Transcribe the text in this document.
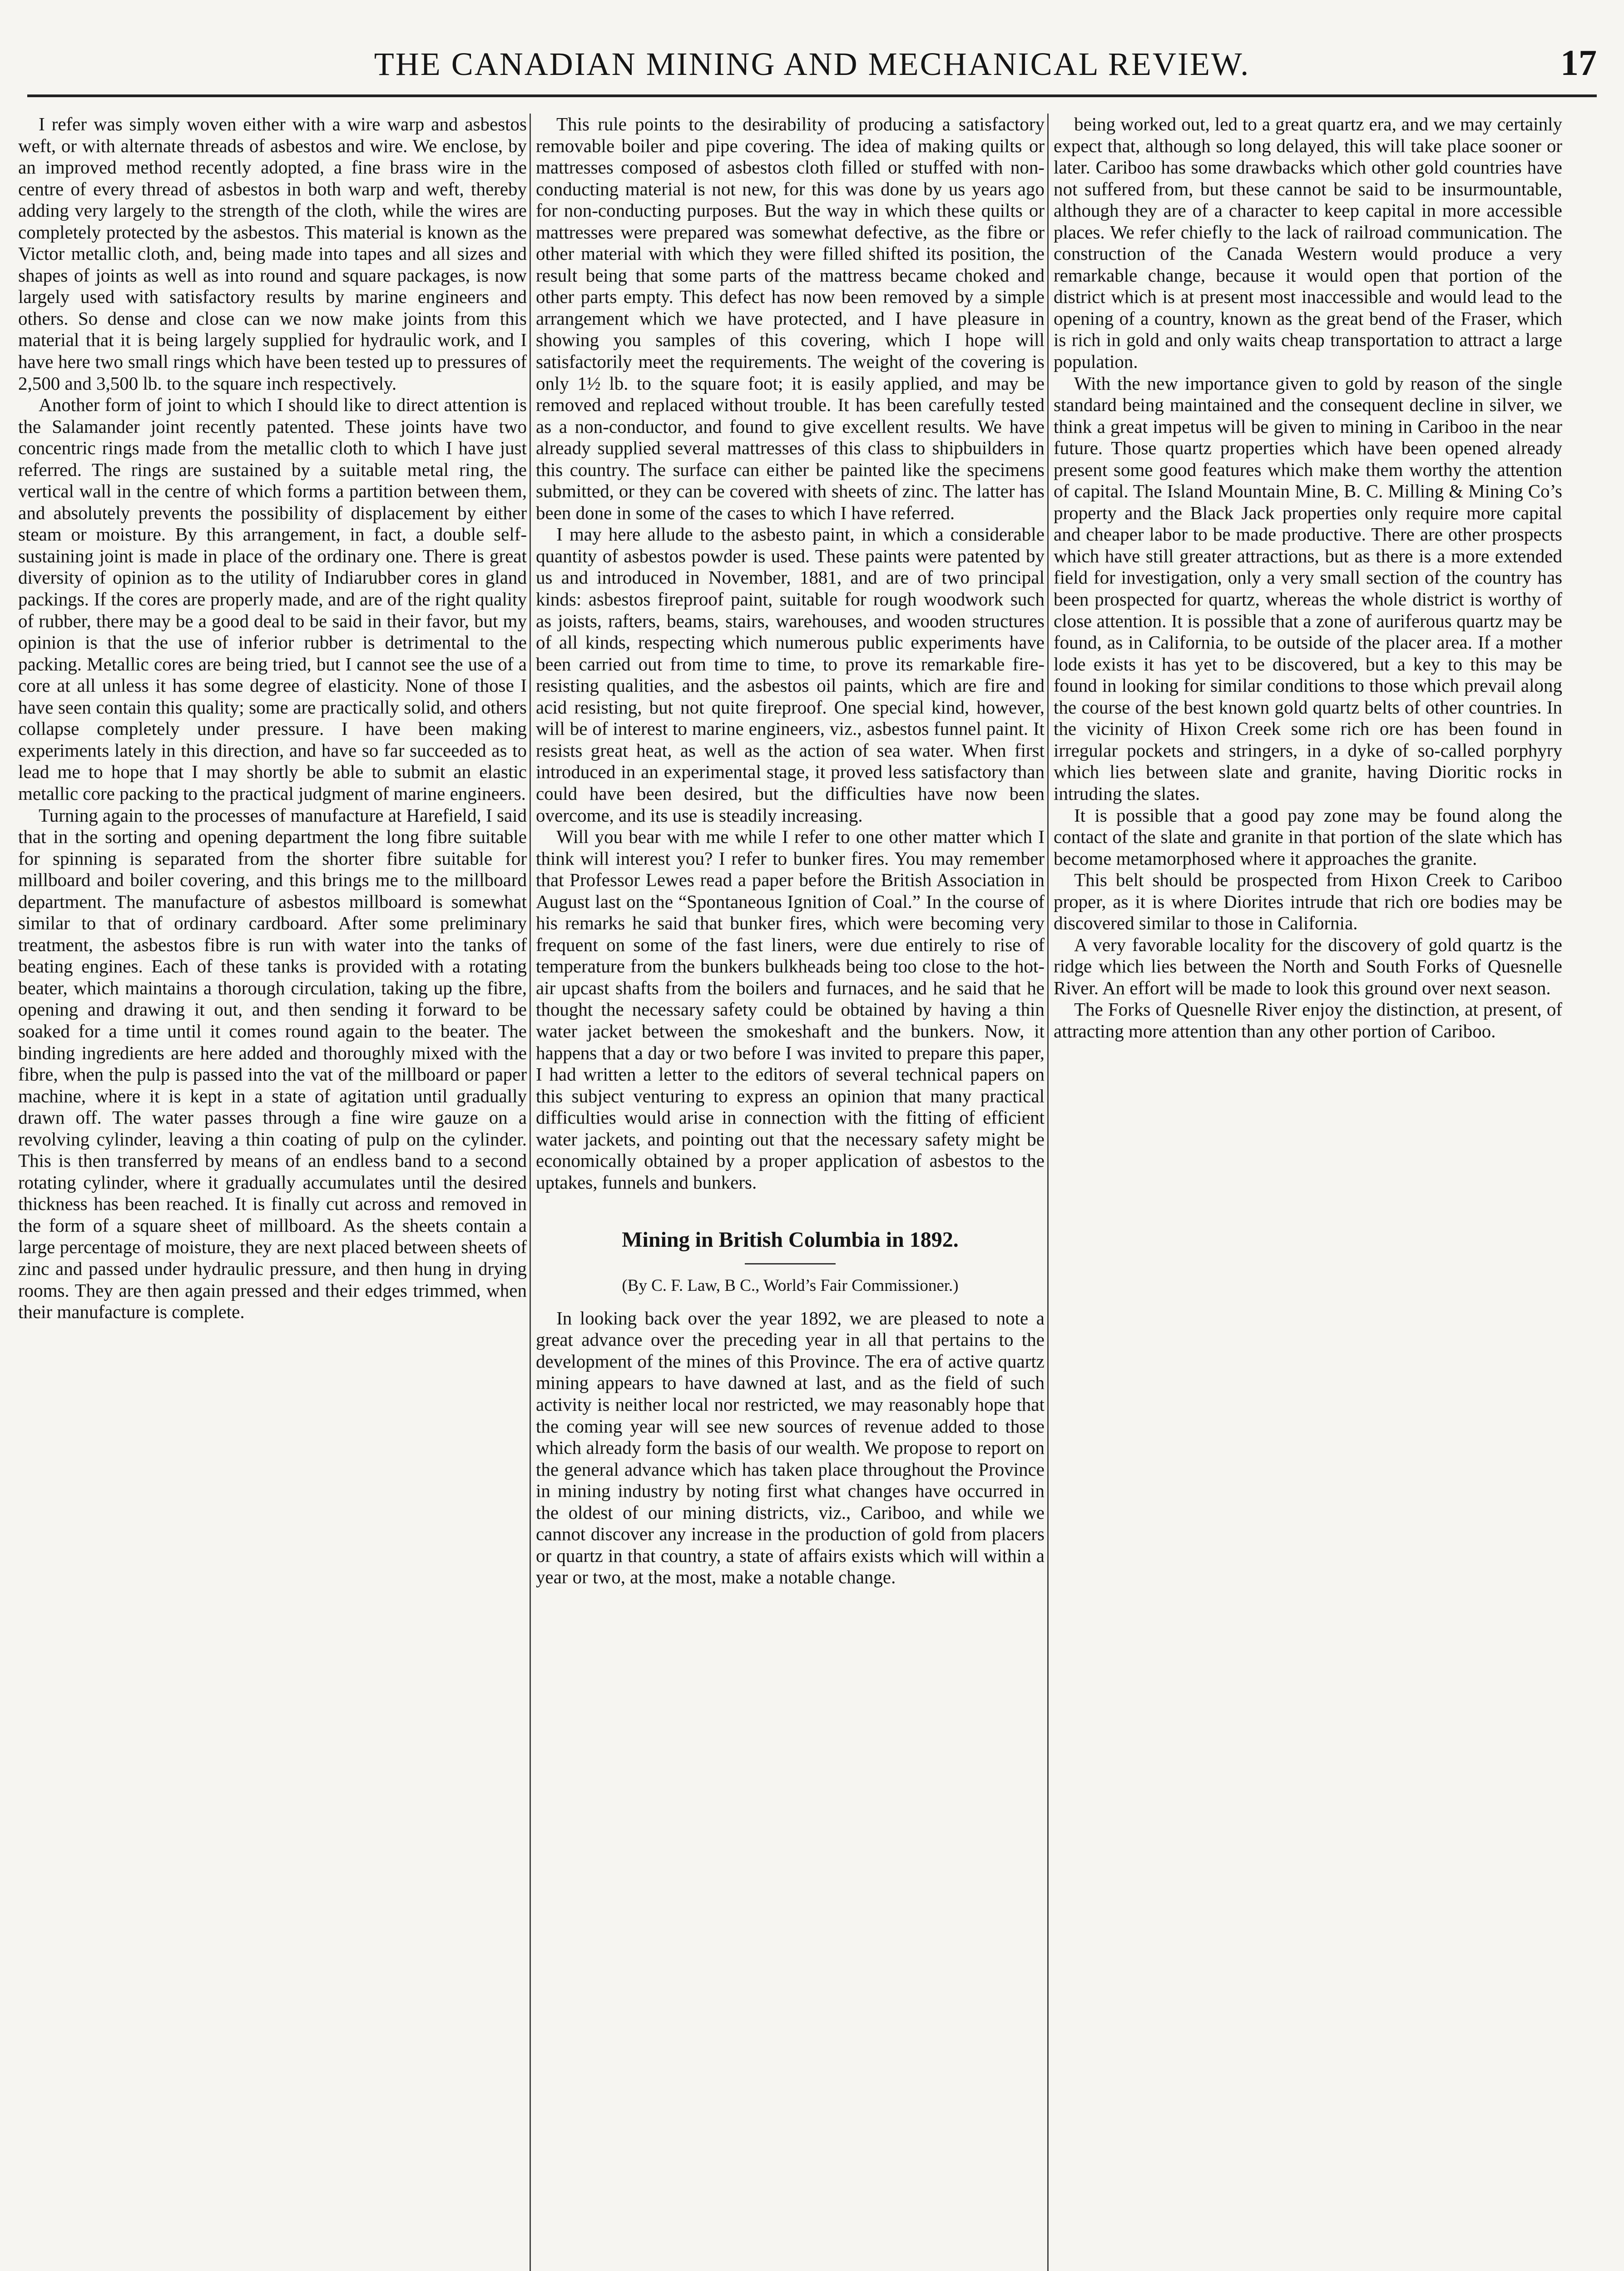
THE CANADIAN MINING AND MECHANICAL REVIEW.	17

I refer was simply woven either with a wire warp and asbestos weft, or with alternate threads of asbestos and wire. We enclose, by an improved method recently adopted, a fine brass wire in the centre of every thread of asbestos in both warp and weft, thereby adding very largely to the strength of the cloth, while the wires are completely protected by the asbestos. This material is known as the Victor metallic cloth, and, being made into tapes and all sizes and shapes of joints as well as into round and square packages, is now largely used with satisfactory results by marine engineers and others. So dense and close can we now make joints from this material that it is being largely supplied for hydraulic work, and I have here two small rings which have been tested up to pressures of 2,500 and 3,500 lb. to the square inch respectively.

Another form of joint to which I should like to direct attention is the Salamander joint recently patented. These joints have two concentric rings made from the metallic cloth to which I have just referred. The rings are sustained by a suitable metal ring, the vertical wall in the centre of which forms a partition between them, and absolutely prevents the possibility of displacement by either steam or moisture. By this arrangement, in fact, a double self-sustaining joint is made in place of the ordinary one. There is great diversity of opinion as to the utility of Indiarubber cores in gland packings. If the cores are properly made, and are of the right quality of rubber, there may be a good deal to be said in their favor, but my opinion is that the use of inferior rubber is detrimental to the packing. Metallic cores are being tried, but I cannot see the use of a core at all unless it has some degree of elasticity. None of those I have seen contain this quality; some are practically solid, and others collapse completely under pressure. I have been making experiments lately in this direction, and have so far succeeded as to lead me to hope that I may shortly be able to submit an elastic metallic core packing to the practical judgment of marine engineers.

Turning again to the processes of manufacture at Harefield, I said that in the sorting and opening department the long fibre suitable for spinning is separated from the shorter fibre suitable for millboard and boiler covering, and this brings me to the millboard department. The manufacture of asbestos millboard is somewhat similar to that of ordinary cardboard. After some preliminary treatment, the asbestos fibre is run with water into the tanks of beating engines. Each of these tanks is provided with a rotating beater, which maintains a thorough circulation, taking up the fibre, opening and drawing it out, and then sending it forward to be soaked for a time until it comes round again to the beater. The binding ingredients are here added and thoroughly mixed with the fibre, when the pulp is passed into the vat of the millboard or paper machine, where it is kept in a state of agitation until gradually drawn off. The water passes through a fine wire gauze on a revolving cylinder, leaving a thin coating of pulp on the cylinder. This is then transferred by means of an endless band to a second rotating cylinder, where it gradually accumulates until the desired thickness has been reached. It is finally cut across and removed in the form of a square sheet of millboard. As the sheets contain a large percentage of moisture, they are next placed between sheets of zinc and passed under hydraulic pressure, and then hung in drying rooms. They are then again pressed and their edges trimmed, when their manufacture is complete.

This rule points to the desirability of producing a satisfactory removable boiler and pipe covering. The idea of making quilts or mattresses composed of asbestos cloth filled or stuffed with non-conducting material is not new, for this was done by us years ago for non-conducting purposes. But the way in which these quilts or mattresses were prepared was somewhat defective, as the fibre or other material with which they were filled shifted its position, the result being that some parts of the mattress became choked and other parts empty. This defect has now been removed by a simple arrangement which we have protected, and I have pleasure in showing you samples of this covering, which I hope will satisfactorily meet the requirements. The weight of the covering is only 1½ lb. to the square foot; it is easily applied, and may be removed and replaced without trouble. It has been carefully tested as a non-conductor, and found to give excellent results. We have already supplied several mattresses of this class to shipbuilders in this country. The surface can either be painted like the specimens submitted, or they can be covered with sheets of zinc. The latter has been done in some of the cases to which I have referred.

I may here allude to the asbesto paint, in which a considerable quantity of asbestos powder is used. These paints were patented by us and introduced in November, 1881, and are of two principal kinds: asbestos fireproof paint, suitable for rough woodwork such as joists, rafters, beams, stairs, warehouses, and wooden structures of all kinds, respecting which numerous public experiments have been carried out from time to time, to prove its remarkable fire-resisting qualities, and the asbestos oil paints, which are fire and acid resisting, but not quite fireproof. One special kind, however, will be of interest to marine engineers, viz., asbestos funnel paint. It resists great heat, as well as the action of sea water. When first introduced in an experimental stage, it proved less satisfactory than could have been desired, but the difficulties have now been overcome, and its use is steadily increasing.

Will you bear with me while I refer to one other matter which I think will interest you? I refer to bunker fires. You may remember that Professor Lewes read a paper before the British Association in August last on the “Spontaneous Ignition of Coal.” In the course of his remarks he said that bunker fires, which were becoming very frequent on some of the fast liners, were due entirely to rise of temperature from the bunkers bulkheads being too close to the hot-air upcast shafts from the boilers and furnaces, and he said that he thought the necessary safety could be obtained by having a thin water jacket between the smokeshaft and the bunkers. Now, it happens that a day or two before I was invited to prepare this paper, I had written a letter to the editors of several technical papers on this subject venturing to express an opinion that many practical difficulties would arise in connection with the fitting of efficient water jackets, and pointing out that the necessary safety might be economically obtained by a proper application of asbestos to the uptakes, funnels and bunkers.

Mining in British Columbia in 1892.
(By C. F. Law, B C., World’s Fair Commissioner.)

In looking back over the year 1892, we are pleased to note a great advance over the preceding year in all that pertains to the development of the mines of this Province. The era of active quartz mining appears to have dawned at last, and as the field of such activity is neither local nor restricted, we may reasonably hope that the coming year will see new sources of revenue added to those which already form the basis of our wealth. We propose to report on the general advance which has taken place throughout the Province in mining industry by noting first what changes have occurred in the oldest of our mining districts, viz., Cariboo, and while we cannot discover any increase in the production of gold from placers or quartz in that country, a state of affairs exists which will within a year or two, at the most, make a notable change.

being worked out, led to a great quartz era, and we may certainly expect that, although so long delayed, this will take place sooner or later. Cariboo has some drawbacks which other gold countries have not suffered from, but these cannot be said to be insurmountable, although they are of a character to keep capital in more accessible places. We refer chiefly to the lack of railroad communication. The construction of the Canada Western would produce a very remarkable change, because it would open that portion of the district which is at present most inaccessible and would lead to the opening of a country, known as the great bend of the Fraser, which is rich in gold and only waits cheap transportation to attract a large population.

With the new importance given to gold by reason of the single standard being maintained and the consequent decline in silver, we think a great impetus will be given to mining in Cariboo in the near future. Those quartz properties which have been opened already present some good features which make them worthy the attention of capital. The Island Mountain Mine, B. C. Milling & Mining Co’s property and the Black Jack properties only require more capital and cheaper labor to be made productive. There are other prospects which have still greater attractions, but as there is a more extended field for investigation, only a very small section of the country has been prospected for quartz, whereas the whole district is worthy of close attention. It is possible that a zone of auriferous quartz may be found, as in California, to be outside of the placer area. If a mother lode exists it has yet to be discovered, but a key to this may be found in looking for similar conditions to those which prevail along the course of the best known gold quartz belts of other countries. In the vicinity of Hixon Creek some rich ore has been found in irregular pockets and stringers, in a dyke of so-called porphyry which lies between slate and granite, having Dioritic rocks in intruding the slates.

It is possible that a good pay zone may be found along the contact of the slate and granite in that portion of the slate which has become metamorphosed where it approaches the granite.

This belt should be prospected from Hixon Creek to Cariboo proper, as it is where Diorites intrude that rich ore bodies may be discovered similar to those in California.

A very favorable locality for the discovery of gold quartz is the ridge which lies between the North and South Forks of Quesnelle River. An effort will be made to look this ground over next season.

The Forks of Quesnelle River enjoy the distinction, at present, of attracting more attention than any other portion of Cariboo.
